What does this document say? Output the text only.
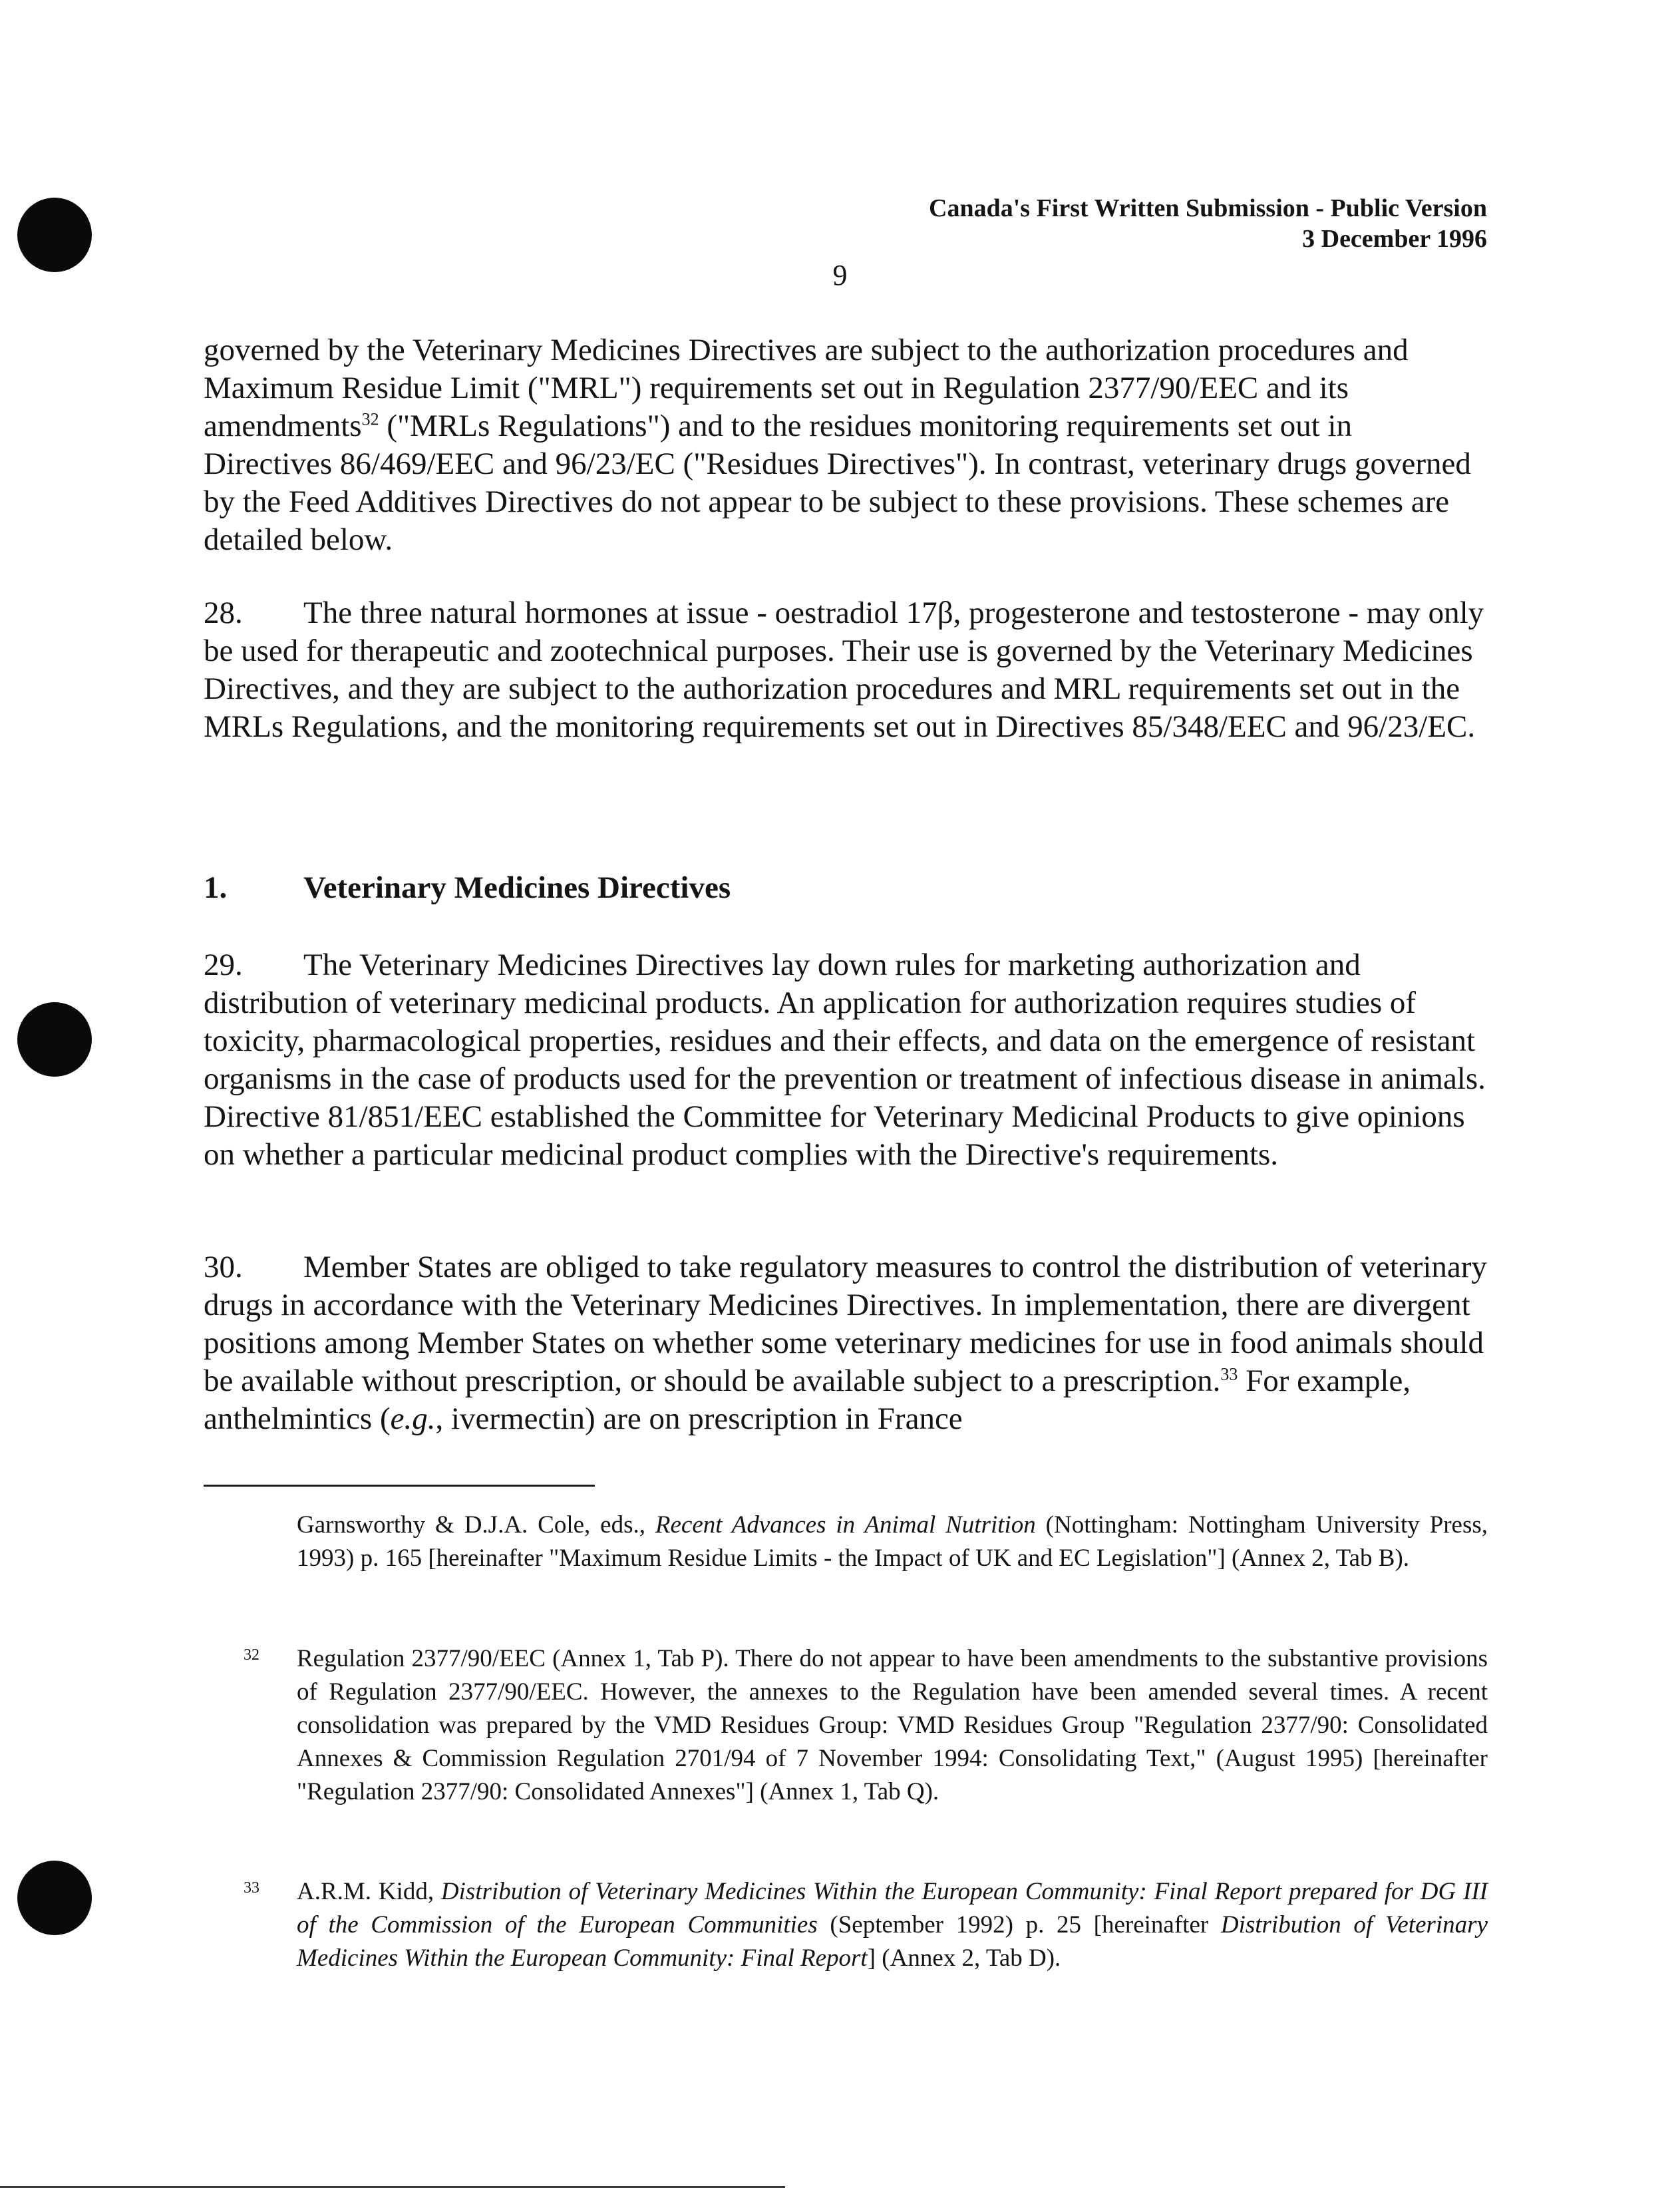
Canada's First Written Submission - Public Version
3 December 1996
9

governed by the Veterinary Medicines Directives are subject to the authorization procedures and Maximum Residue Limit ("MRL") requirements set out in Regulation 2377/90/EEC and its amendments$^{32}$ ("MRLs Regulations") and to the residues monitoring requirements set out in Directives 86/469/EEC and 96/23/EC ("Residues Directives"). In contrast, veterinary drugs governed by the Feed Additives Directives do not appear to be subject to these provisions. These schemes are detailed below.

28. The three natural hormones at issue - oestradiol 17β, progesterone and testosterone - may only be used for therapeutic and zootechnical purposes. Their use is governed by the Veterinary Medicines Directives, and they are subject to the authorization procedures and MRL requirements set out in the MRLs Regulations, and the monitoring requirements set out in Directives 85/348/EEC and 96/23/EC.

1. Veterinary Medicines Directives

29. The Veterinary Medicines Directives lay down rules for marketing authorization and distribution of veterinary medicinal products. An application for authorization requires studies of toxicity, pharmacological properties, residues and their effects, and data on the emergence of resistant organisms in the case of products used for the prevention or treatment of infectious disease in animals. Directive 81/851/EEC established the Committee for Veterinary Medicinal Products to give opinions on whether a particular medicinal product complies with the Directive's requirements.

30. Member States are obliged to take regulatory measures to control the distribution of veterinary drugs in accordance with the Veterinary Medicines Directives. In implementation, there are divergent positions among Member States on whether some veterinary medicines for use in food animals should be available without prescription, or should be available subject to a prescription.$^{33}$ For example, anthelmintics (e.g., ivermectin) are on prescription in France

Garnsworthy & D.J.A. Cole, eds., Recent Advances in Animal Nutrition (Nottingham: Nottingham University Press, 1993) p. 165 [hereinafter "Maximum Residue Limits - the Impact of UK and EC Legislation"] (Annex 2, Tab B).
32 Regulation 2377/90/EEC (Annex 1, Tab P). There do not appear to have been amendments to the substantive provisions of Regulation 2377/90/EEC. However, the annexes to the Regulation have been amended several times. A recent consolidation was prepared by the VMD Residues Group: VMD Residues Group "Regulation 2377/90: Consolidated Annexes & Commission Regulation 2701/94 of 7 November 1994: Consolidating Text," (August 1995) [hereinafter "Regulation 2377/90: Consolidated Annexes"] (Annex 1, Tab Q).
33 A.R.M. Kidd, Distribution of Veterinary Medicines Within the European Community: Final Report prepared for DG III of the Commission of the European Communities (September 1992) p. 25 [hereinafter Distribution of Veterinary Medicines Within the European Community: Final Report] (Annex 2, Tab D).
